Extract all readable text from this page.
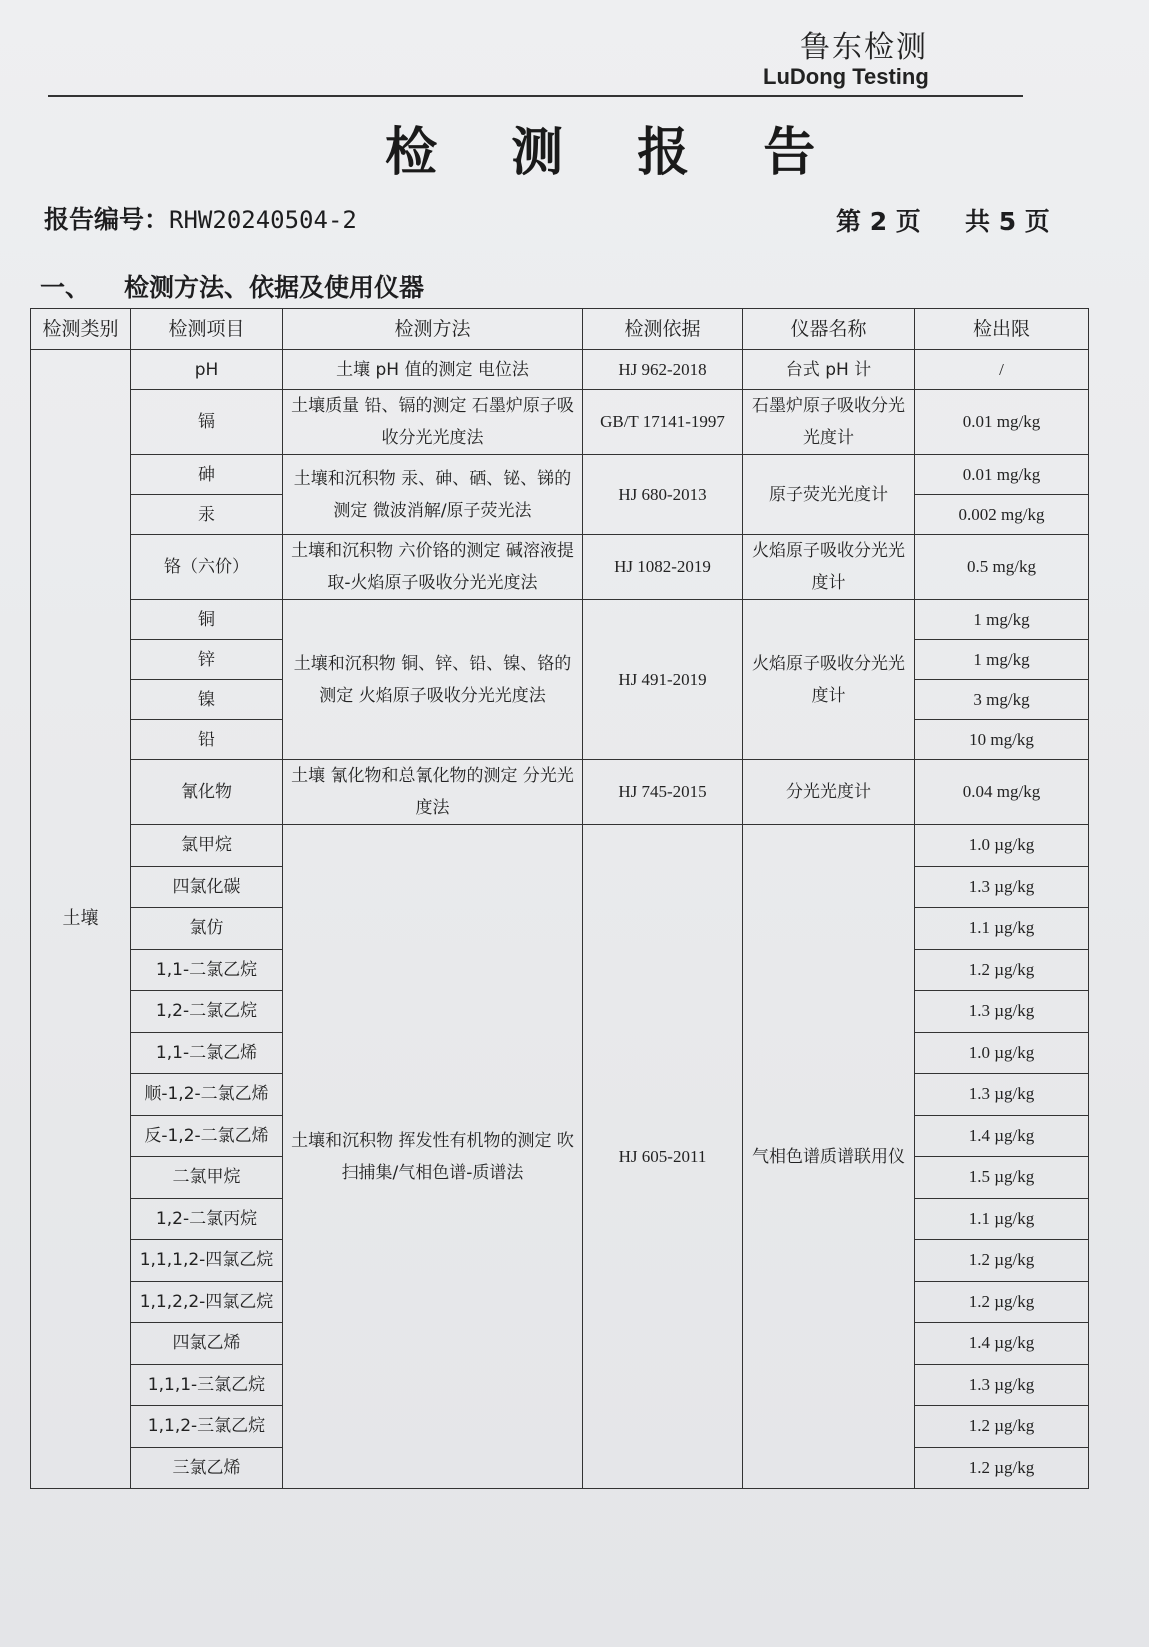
鲁东检测
LuDong Testing
检 测 报 告
报告编号：RHW20240504-2	第 2 页 共 5 页
一、 检测方法、依据及使用仪器
检测类别	检测项目	检测方法	检测依据	仪器名称	检出限
土壤	pH	土壤 pH 值的测定 电位法	HJ 962-2018	台式 pH 计	/
	镉	土壤质量 铅、镉的测定 石墨炉原子吸收分光光度法	GB/T 17141-1997	石墨炉原子吸收分光光度计	0.01 mg/kg
	砷	土壤和沉积物 汞、砷、硒、铋、锑的测定 微波消解/原子荧光法	HJ 680-2013	原子荧光光度计	0.01 mg/kg
	汞				0.002 mg/kg
	铬（六价）	土壤和沉积物 六价铬的测定 碱溶液提取-火焰原子吸收分光光度法	HJ 1082-2019	火焰原子吸收分光光度计	0.5 mg/kg
	铜	土壤和沉积物 铜、锌、铅、镍、铬的测定 火焰原子吸收分光光度法	HJ 491-2019	火焰原子吸收分光光度计	1 mg/kg
	锌				1 mg/kg
	镍				3 mg/kg
	铅				10 mg/kg
	氰化物	土壤 氰化物和总氰化物的测定 分光光度法	HJ 745-2015	分光光度计	0.04 mg/kg
	氯甲烷	土壤和沉积物 挥发性有机物的测定 吹扫捕集/气相色谱-质谱法	HJ 605-2011	气相色谱质谱联用仪	1.0 µg/kg
	四氯化碳				1.3 µg/kg
	氯仿				1.1 µg/kg
	1,1-二氯乙烷				1.2 µg/kg
	1,2-二氯乙烷				1.3 µg/kg
	1,1-二氯乙烯				1.0 µg/kg
	顺-1,2-二氯乙烯				1.3 µg/kg
	反-1,2-二氯乙烯				1.4 µg/kg
	二氯甲烷				1.5 µg/kg
	1,2-二氯丙烷				1.1 µg/kg
	1,1,1,2-四氯乙烷				1.2 µg/kg
	1,1,2,2-四氯乙烷				1.2 µg/kg
	四氯乙烯				1.4 µg/kg
	1,1,1-三氯乙烷				1.3 µg/kg
	1,1,2-三氯乙烷				1.2 µg/kg
	三氯乙烯				1.2 µg/kg
